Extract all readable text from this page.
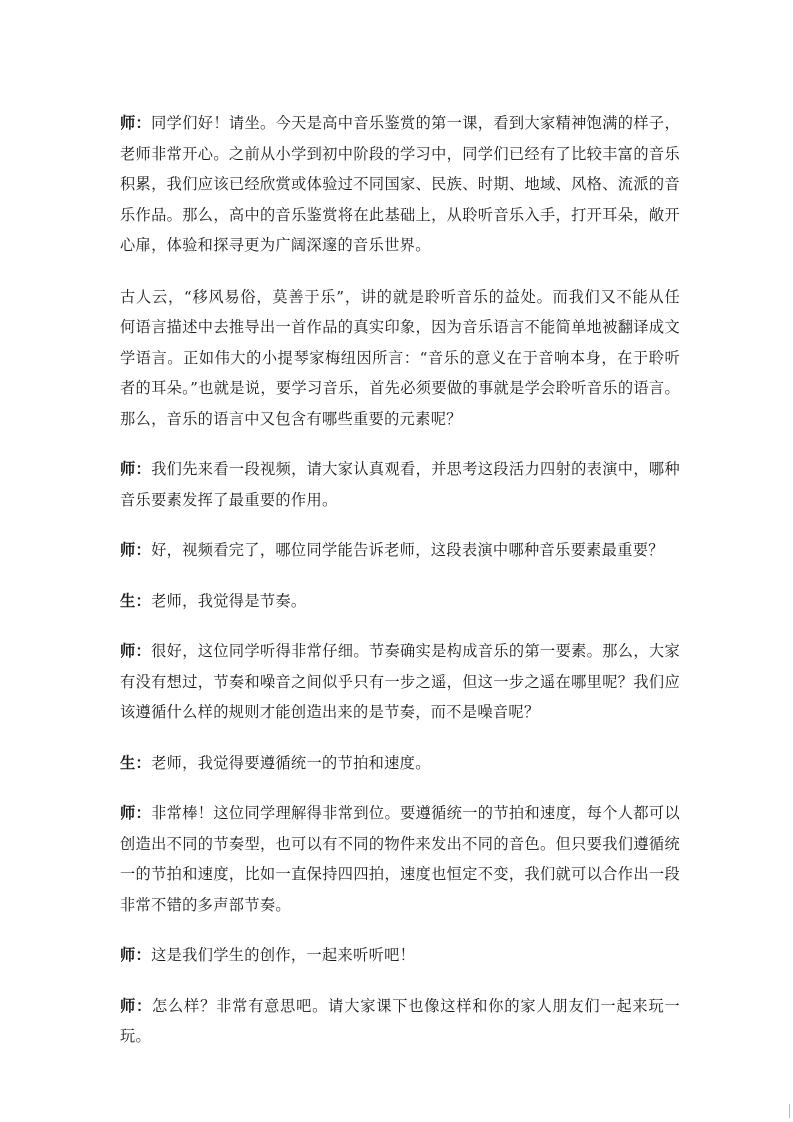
师：同学们好！请坐。今天是高中音乐鉴赏的第一课，看到大家精神饱满的样子，老师非常开心。之前从小学到初中阶段的学习中，同学们已经有了比较丰富的音乐积累，我们应该已经欣赏或体验过不同国家、民族、时期、地域、风格、流派的音乐作品。那么，高中的音乐鉴赏将在此基础上，从聆听音乐入手，打开耳朵，敞开心扉，体验和探寻更为广阔深邃的音乐世界。

古人云，“移风易俗，莫善于乐”，讲的就是聆听音乐的益处。而我们又不能从任何语言描述中去推导出一首作品的真实印象，因为音乐语言不能简单地被翻译成文学语言。正如伟大的小提琴家梅纽因所言：“音乐的意义在于音响本身，在于聆听者的耳朵。”也就是说，要学习音乐，首先必须要做的事就是学会聆听音乐的语言。那么，音乐的语言中又包含有哪些重要的元素呢？

师：我们先来看一段视频，请大家认真观看，并思考这段活力四射的表演中，哪种音乐要素发挥了最重要的作用。

师：好，视频看完了，哪位同学能告诉老师，这段表演中哪种音乐要素最重要？

生：老师，我觉得是节奏。

师：很好，这位同学听得非常仔细。节奏确实是构成音乐的第一要素。那么，大家有没有想过，节奏和噪音之间似乎只有一步之遥，但这一步之遥在哪里呢？我们应该遵循什么样的规则才能创造出来的是节奏，而不是噪音呢？

生：老师，我觉得要遵循统一的节拍和速度。

师：非常棒！这位同学理解得非常到位。要遵循统一的节拍和速度，每个人都可以创造出不同的节奏型，也可以有不同的物件来发出不同的音色。但只要我们遵循统一的节拍和速度，比如一直保持四四拍，速度也恒定不变，我们就可以合作出一段非常不错的多声部节奏。

师：这是我们学生的创作，一起来听听吧！

师：怎么样？非常有意思吧。请大家课下也像这样和你的家人朋友们一起来玩一玩。
